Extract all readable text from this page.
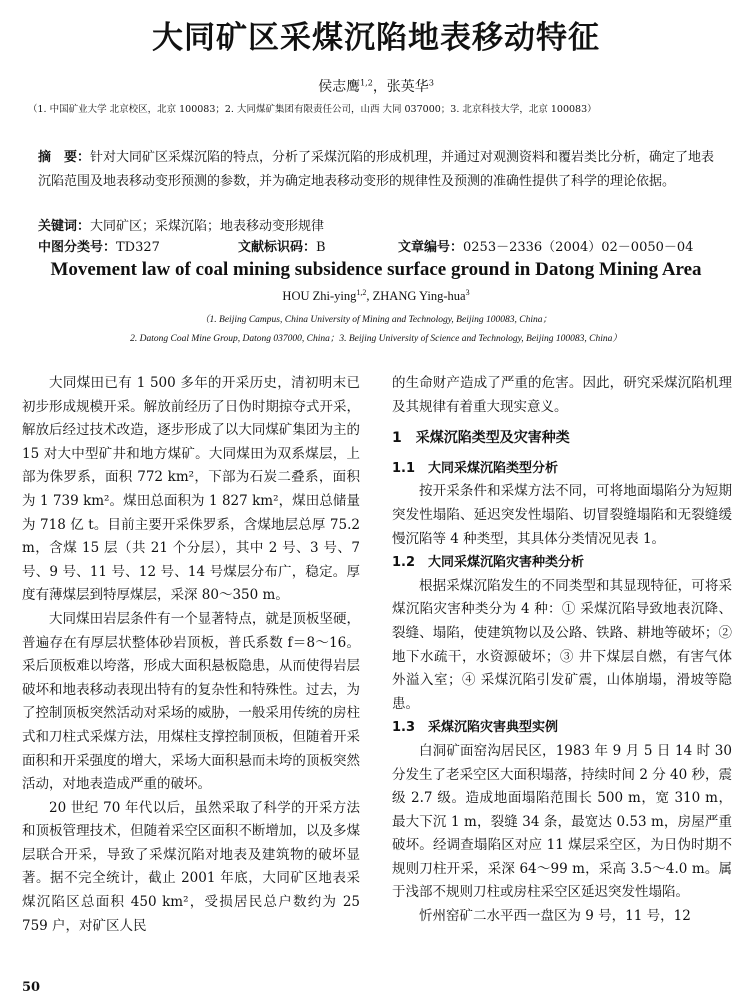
大同矿区采煤沉陷地表移动特征
侯志鹰$^{1,2}$，张英华$^3$
（1. 中国矿业大学 北京校区，北京 100083；2. 大同煤矿集团有限责任公司，山西 大同 037000；3. 北京科技大学，北京 100083）
摘　要：针对大同矿区采煤沉陷的特点，分析了采煤沉陷的形成机理，并通过对观测资料和覆岩类比分析，确定了地表沉陷范围及地表移动变形预测的参数，并为确定地表移动变形的规律性及预测的准确性提供了科学的理论依据。
关键词：大同矿区；采煤沉陷；地表移动变形规律
中图分类号：TD327	文献标识码：B	文章编号：0253－2336（2004）02－0050－04
Movement law of coal mining subsidence surface ground in Datong Mining Area
HOU Zhi-ying$^{1,2}$, ZHANG Ying-hua$^3$
（1. Beijing Campus, China University of Mining and Technology, Beijing 100083, China；
2. Datong Coal Mine Group, Datong 037000, China；3. Beijing University of Science and Technology, Beijing 100083, China）

大同煤田已有 1 500 多年的开采历史，清初明末已初步形成规模开采。解放前经历了日伪时期掠夺式开采，解放后经过技术改造，逐步形成了以大同煤矿集团为主的 15 对大中型矿井和地方煤矿。大同煤田为双系煤层，上部为侏罗系，面积 772 km²，下部为石炭二叠系，面积为 1 739 km²。煤田总面积为 1 827 km²，煤田总储量为 718 亿 t。目前主要开采侏罗系，含煤地层总厚 75.2 m，含煤 15 层（共 21 个分层），其中 2 号、3 号、7 号、9 号、11 号、12 号、14 号煤层分布广，稳定。厚度有薄煤层到特厚煤层，采深 80～350 m。

大同煤田岩层条件有一个显著特点，就是顶板坚硬，普遍存在有厚层状整体砂岩顶板，普氏系数 f＝8～16。采后顶板难以垮落，形成大面积悬板隐患，从而使得岩层破坏和地表移动表现出特有的复杂性和特殊性。过去，为了控制顶板突然活动对采场的威胁，一般采用传统的房柱式和刀柱式采煤方法，用煤柱支撑控制顶板，但随着开采面积和开采强度的增大，采场大面积悬而未垮的顶板突然活动，对地表造成严重的破坏。

20 世纪 70 年代以后，虽然采取了科学的开采方法和顶板管理技术，但随着采空区面积不断增加，以及多煤层联合开采，导致了采煤沉陷对地表及建筑物的破坏显著。据不完全统计，截止 2001 年底，大同矿区地表采煤沉陷区总面积 450 km²，受损居民总户数约为 25 759 户，对矿区人民

的生命财产造成了严重的危害。因此，研究采煤沉陷机理及其规律有着重大现实意义。

1　采煤沉陷类型及灾害种类

1.1　大同采煤沉陷类型分析

按开采条件和采煤方法不同，可将地面塌陷分为短期突发性塌陷、延迟突发性塌陷、切冒裂缝塌陷和无裂缝缓慢沉陷等 4 种类型，其具体分类情况见表 1。

1.2　大同采煤沉陷灾害种类分析

根据采煤沉陷发生的不同类型和其显现特征，可将采煤沉陷灾害种类分为 4 种：① 采煤沉陷导致地表沉降、裂缝、塌陷，使建筑物以及公路、铁路、耕地等破坏；② 地下水疏干，水资源破坏；③ 井下煤层自燃，有害气体外溢入室；④ 采煤沉陷引发矿震，山体崩塌，滑坡等隐患。

1.3　采煤沉陷灾害典型实例

白洞矿面窑沟居民区，1983 年 9 月 5 日 14 时 30 分发生了老采空区大面积塌落，持续时间 2 分 40 秒，震级 2.7 级。造成地面塌陷范围长 500 m，宽 310 m，最大下沉 1 m，裂缝 34 条，最宽达 0.53 m，房屋严重破坏。经调查塌陷区对应 11 煤层采空区，为日伪时期不规则刀柱开采，采深 64～99 m，采高 3.5～4.0 m。属于浅部不规则刀柱或房柱采空区延迟突发性塌陷。

忻州窑矿二水平西一盘区为 9 号，11 号，12

50
